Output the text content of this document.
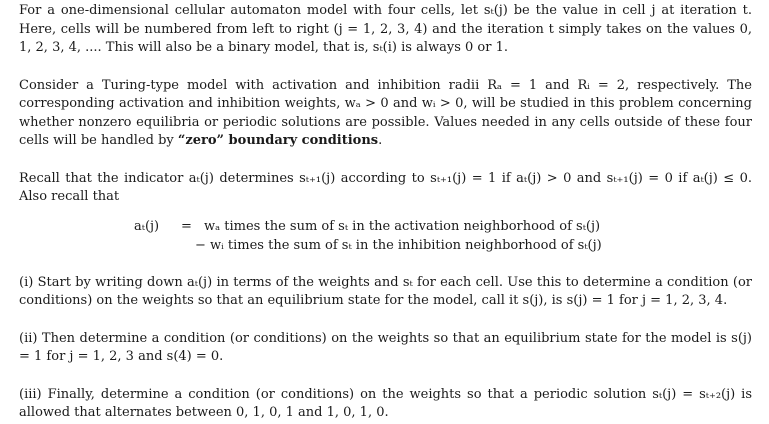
For a one-dimensional cellular automaton model with four cells, let sₜ(j) be the value in cell j at iteration t. Here, cells will be numbered from left to right (j = 1, 2, 3, 4) and the iteration t simply takes on the values 0, 1, 2, 3, 4, .... This will also be a binary model, that is, sₜ(i) is always 0 or 1.

Consider a Turing-type model with activation and inhibition radii Rₐ = 1 and Rᵢ = 2, respectively. The corresponding activation and inhibition weights, wₐ > 0 and wᵢ > 0, will be studied in this problem concerning whether nonzero equilibria or periodic solutions are possible. Values needed in any cells outside of these four cells will be handled by “zero” boundary conditions.

Recall that the indicator aₜ(j) determines sₜ₊₁(j) according to sₜ₊₁(j) = 1 if aₜ(j) > 0 and sₜ₊₁(j) = 0 if aₜ(j) ≤ 0. Also recall that

aₜ(j) = wₐ times the sum of sₜ in the activation neighborhood of sₜ(j)
− wᵢ times the sum of sₜ in the inhibition neighborhood of sₜ(j)

(i) Start by writing down aₜ(j) in terms of the weights and sₜ for each cell. Use this to determine a condition (or conditions) on the weights so that an equilibrium state for the model, call it s(j), is s(j) = 1 for j = 1, 2, 3, 4.

(ii) Then determine a condition (or conditions) on the weights so that an equilibrium state for the model is s(j) = 1 for j = 1, 2, 3 and s(4) = 0.

(iii) Finally, determine a condition (or conditions) on the weights so that a periodic solution sₜ(j) = sₜ₊₂(j) is allowed that alternates between 0, 1, 0, 1 and 1, 0, 1, 0.
